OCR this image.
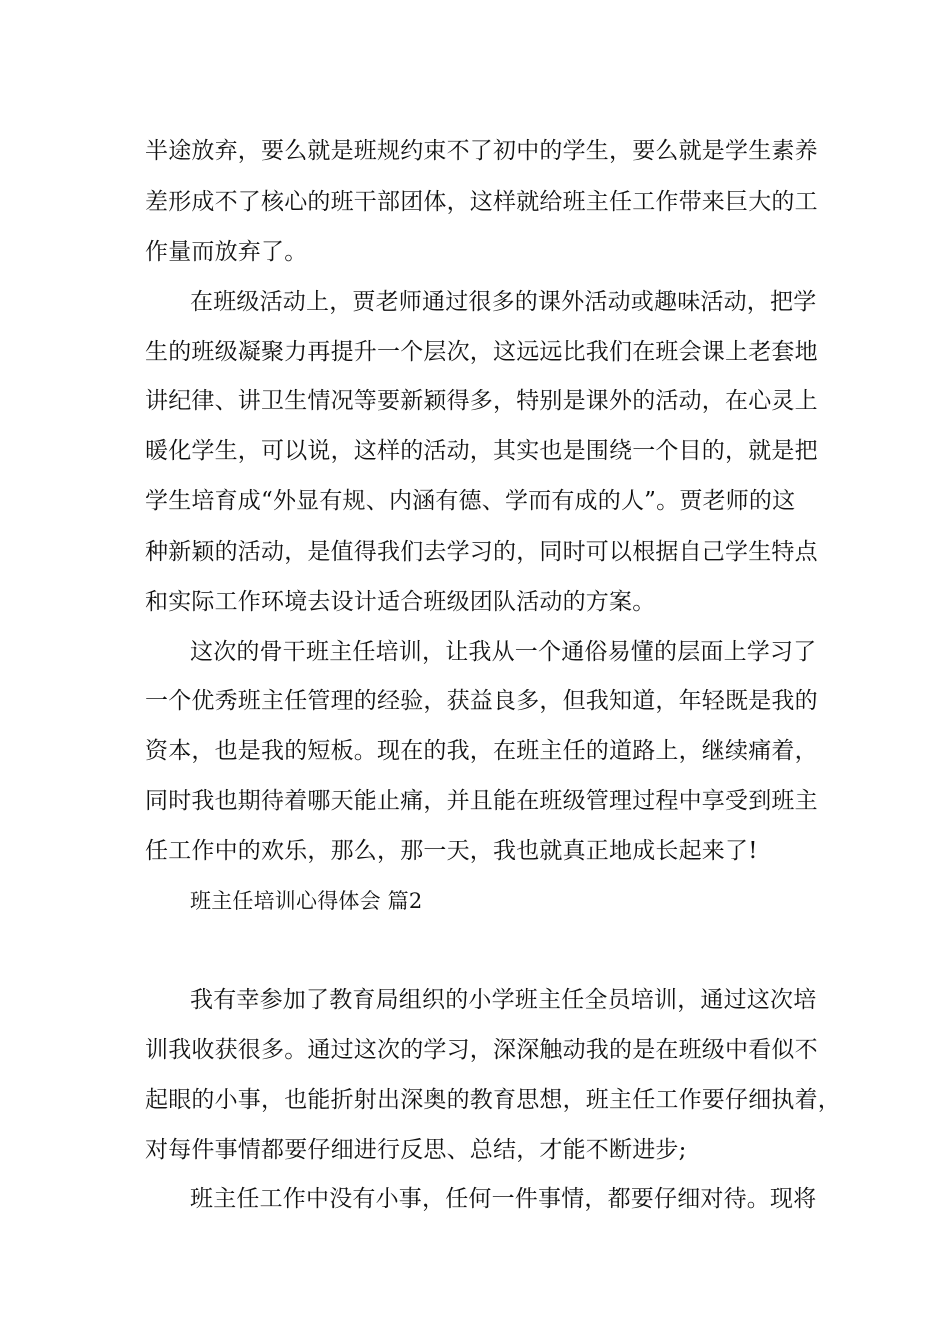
半途放弃，要么就是班规约束不了初中的学生，要么就是学生素养
差形成不了核心的班干部团体，这样就给班主任工作带来巨大的工
作量而放弃了。
在班级活动上，贾老师通过很多的课外活动或趣味活动，把学
生的班级凝聚力再提升一个层次，这远远比我们在班会课上老套地
讲纪律、讲卫生情况等要新颖得多，特别是课外的活动，在心灵上
暖化学生，可以说，这样的活动，其实也是围绕一个目的，就是把
学生培育成“外显有规、内涵有德、学而有成的人”。贾老师的这
种新颖的活动，是值得我们去学习的，同时可以根据自己学生特点
和实际工作环境去设计适合班级团队活动的方案。
这次的骨干班主任培训，让我从一个通俗易懂的层面上学习了
一个优秀班主任管理的经验，获益良多，但我知道，年轻既是我的
资本，也是我的短板。现在的我，在班主任的道路上，继续痛着，
同时我也期待着哪天能止痛，并且能在班级管理过程中享受到班主
任工作中的欢乐，那么，那一天，我也就真正地成长起来了!
班主任培训心得体会 篇2
我有幸参加了教育局组织的小学班主任全员培训，通过这次培
训我收获很多。通过这次的学习，深深触动我的是在班级中看似不
起眼的小事，也能折射出深奥的教育思想，班主任工作要仔细执着，
对每件事情都要仔细进行反思、总结，才能不断进步;
班主任工作中没有小事，任何一件事情，都要仔细对待。现将
